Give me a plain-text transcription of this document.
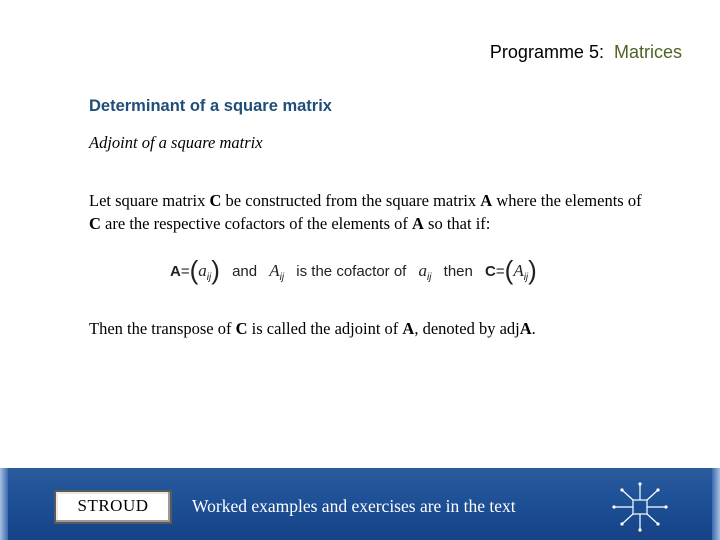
Programme 5: Matrices
Determinant of a square matrix
Adjoint of a square matrix
Let square matrix C be constructed from the square matrix A where the elements of C are the respective cofactors of the elements of A so that if:
$A=(a_{ij})$ and $A_{ij}$ is the cofactor of $a_{ij}$ then $C=(A_{ij})$
Then the transpose of C is called the adjoint of A, denoted by adjA.
STROUD	Worked examples and exercises are in the text
